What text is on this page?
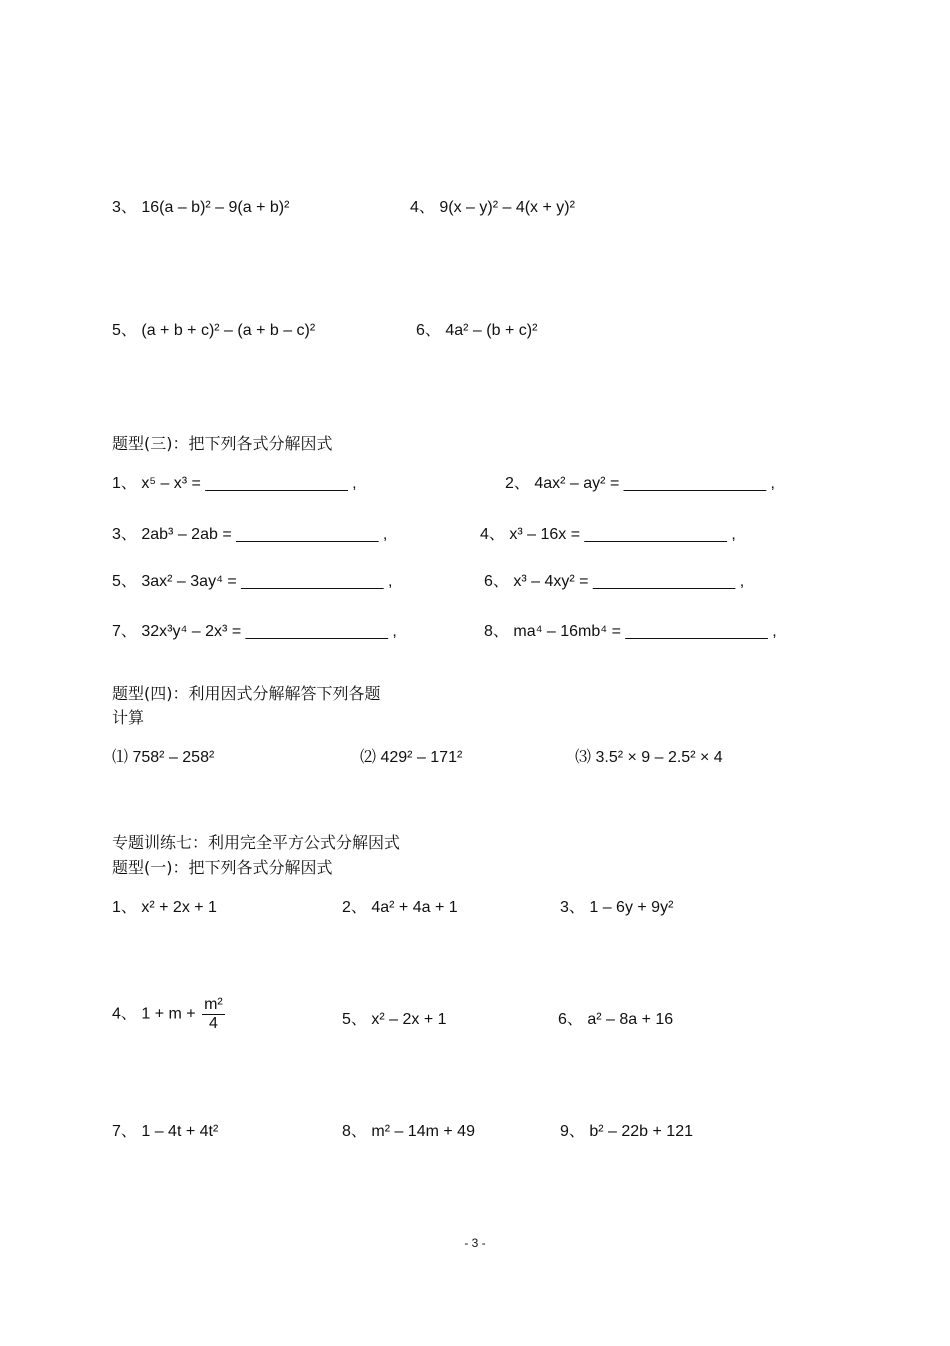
3、 16(a – b)² – 9(a + b)²	4、 9(x – y)² – 4(x + y)²
5、 (a + b + c)² – (a + b – c)²	6、 4a² – (b + c)²
题型(三)：把下列各式分解因式
1、 x⁵ – x³ = ________________ ,	2、 4ax² – ay² = ________________ ,
3、 2ab³ – 2ab = ________________ ,	4、 x³ – 16x = ________________ ,
5、 3ax² – 3ay⁴ = ________________ ,	6、 x³ – 4xy² = ________________ ,
7、 32x³y⁴ – 2x³ = ________________ ,	8、 ma⁴ – 16mb⁴ = ________________ ,
题型(四)：利用因式分解解答下列各题
计算
⑴ 758² – 258²	⑵ 429² – 171²	⑶ 3.5² × 9 – 2.5² × 4
专题训练七：利用完全平方公式分解因式
题型(一)：把下列各式分解因式
1、 x² + 2x + 1	2、 4a² + 4a + 1	3、 1 – 6y + 9y²
4、 $1 + m + \frac{\text{m²}}{4}$	5、 x² – 2x + 1	6、 a² – 8a + 16
7、 1 – 4t + 4t²	8、 m² – 14m + 49	9、 b² – 22b + 121
- 3 -
